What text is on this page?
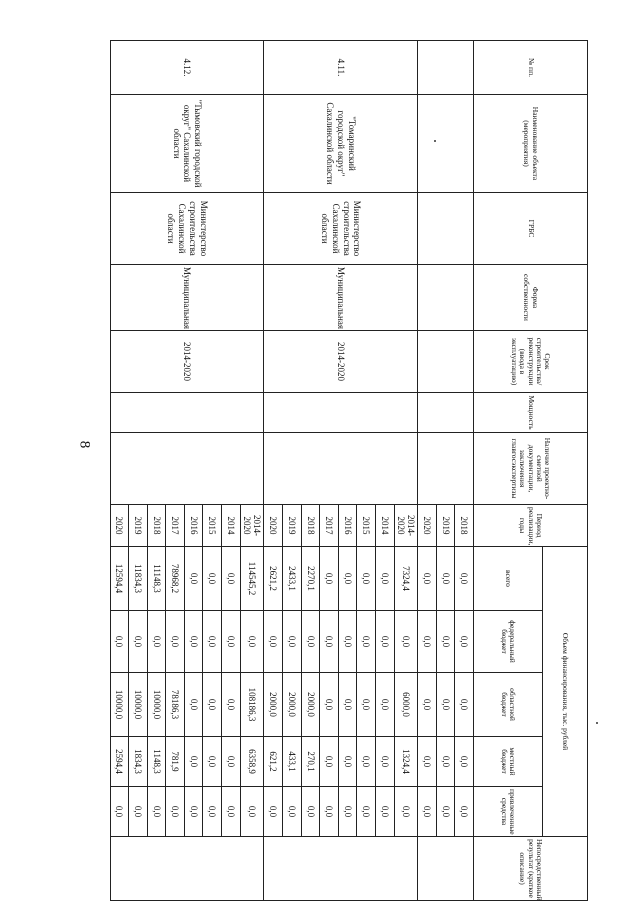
8
№ пп.	Наименование объекта (мероприятия)	ГРБС	Форма собственности	Срок строительства/реконструкции (ввода в эксплуатацию)	Мощность	Наличие проектно-сметной документации, заключения главгосэкспертизы	Период реализации, годы	Объем финансирования, тыс. рублей					Непосредственный результат (краткое описание)
								всего	федеральный бюджет	областной бюджет	местный бюджет	привлеченные средства	
							2018	0,0	0,0	0,0	0,0	0,0	
							2019	0,0	0,0	0,0	0,0	0,0	
							2020	0,0	0,0	0,0	0,0	0,0	
4.11.	"Томаринский городской округ" Сахалинской области	Министерство строительства Сахалинской области	Муниципальная	2014-2020			2014-2020	7324,4	0,0	6000,0	1324,4	0,0	
							2014	0,0	0,0	0,0	0,0	0,0	
							2015	0,0	0,0	0,0	0,0	0,0	
							2016	0,0	0,0	0,0	0,0	0,0	
							2017	0,0	0,0	0,0	0,0	0,0	
							2018	2270,1	0,0	2000,0	270,1	0,0	
							2019	2433,1	0,0	2000,0	433,1	0,0	
							2020	2621,2	0,0	2000,0	621,2	0,0	
4.12.	"Тымовский городской округ" Сахалинской области	Министерство строительства Сахалинской области	Муниципальная	2014-2020			2014-2020	114545,2	0,0	108186,3	6358,9	0,0	
							2014	0,0	0,0	0,0	0,0	0,0	
							2015	0,0	0,0	0,0	0,0	0,0	
							2016	0,0	0,0	0,0	0,0	0,0	
							2017	78968,2	0,0	78186,3	781,9	0,0	
							2018	11148,3	0,0	10000,0	1148,3	0,0	
							2019	11834,3	0,0	10000,0	1834,3	0,0	
							2020	12594,4	0,0	10000,0	2594,4	0,0	
